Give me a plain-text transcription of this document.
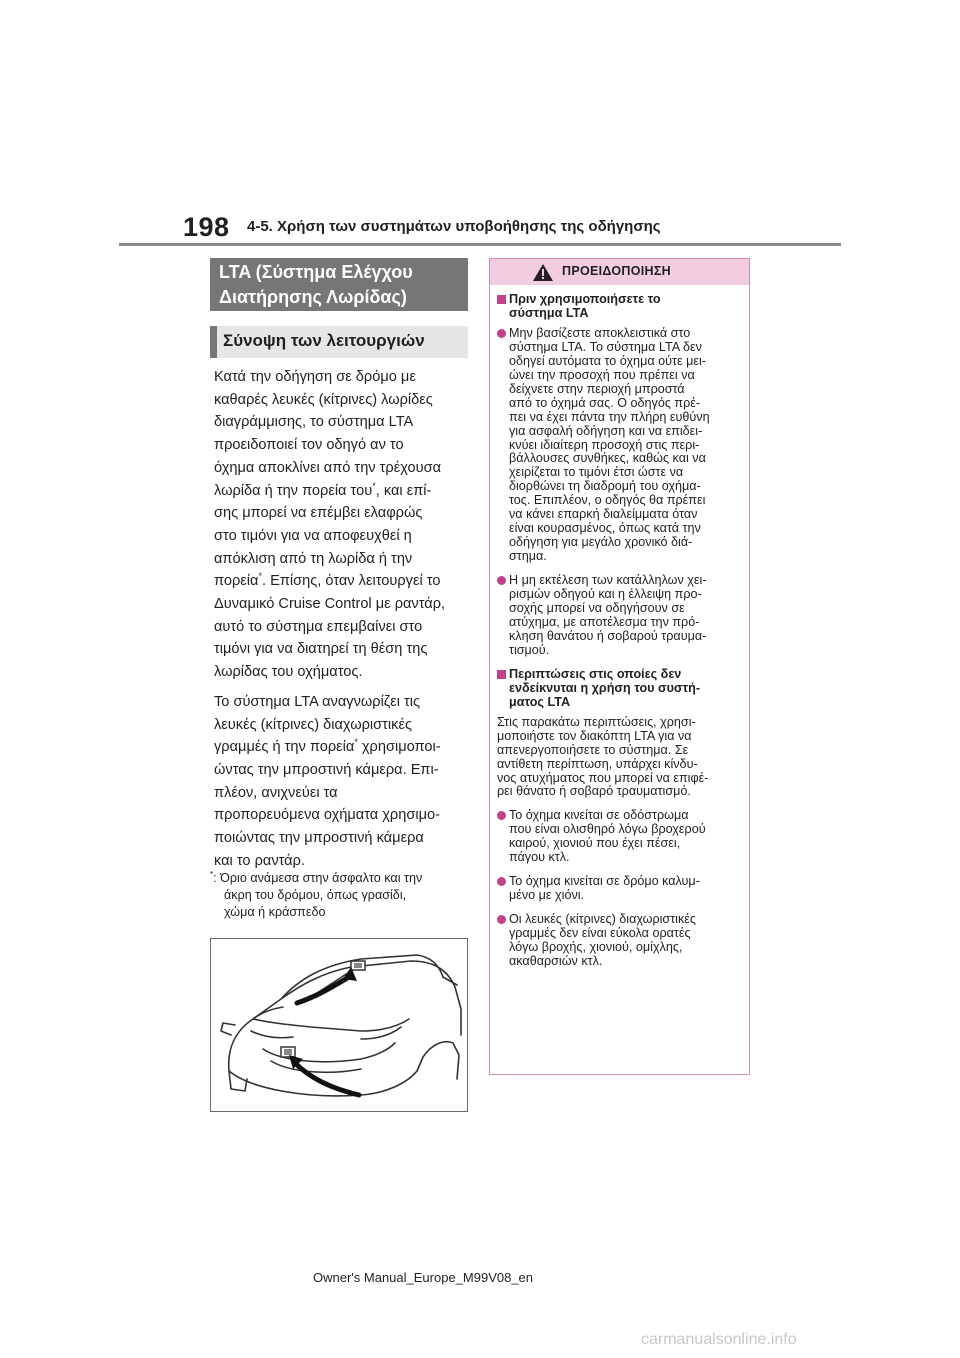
198 4-5. Χρήση των συστημάτων υποβοήθησης της οδήγησης
LTA (Σύστημα Ελέγχου
Διατήρησης Λωρίδας)
Σύνοψη των λειτουργιών

Κατά την οδήγηση σε δρόμο με
καθαρές λευκές (κίτρινες) λωρίδες
διαγράμμισης, το σύστημα LTA
προειδοποιεί τον οδηγό αν το
όχημα αποκλίνει από την τρέχουσα
λωρίδα ή την πορεία του*, και επί-
σης μπορεί να επέμβει ελαφρώς
στο τιμόνι για να αποφευχθεί η
απόκλιση από τη λωρίδα ή την
πορεία*. Επίσης, όταν λειτουργεί το
Δυναμικό Cruise Control με ραντάρ,
αυτό το σύστημα επεμβαίνει στο
τιμόνι για να διατηρεί τη θέση της
λωρίδας του οχήματος.

Το σύστημα LTA αναγνωρίζει τις
λευκές (κίτρινες) διαχωριστικές
γραμμές ή την πορεία* χρησιμοποι-
ώντας την μπροστινή κάμερα. Επι-
πλέον, ανιχνεύει τα
προπορευόμενα οχήματα χρησιμο-
ποιώντας την μπροστινή κάμερα
και το ραντάρ.

*: Όριο ανάμεσα στην άσφαλτο και την
άκρη του δρόμου, όπως γρασίδι,
χώμα ή κράσπεδο
ΠΡΟΕΙΔΟΠΟΙΗΣΗ
Πριν χρησιμοποιήσετε το
σύστημα LTA
Μην βασίζεστε αποκλειστικά στο
σύστημα LTA. Το σύστημα LTA δεν
οδηγεί αυτόματα το όχημα ούτε μει-
ώνει την προσοχή που πρέπει να
δείχνετε στην περιοχή μπροστά
από το όχημά σας. Ο οδηγός πρέ-
πει να έχει πάντα την πλήρη ευθύνη
για ασφαλή οδήγηση και να επιδει-
κνύει ιδιαίτερη προσοχή στις περι-
βάλλουσες συνθήκες, καθώς και να
χειρίζεται το τιμόνι έτσι ώστε να
διορθώνει τη διαδρομή του οχήμα-
τος. Επιπλέον, ο οδηγός θα πρέπει
να κάνει επαρκή διαλείμματα όταν
είναι κουρασμένος, όπως κατά την
οδήγηση για μεγάλο χρονικό διά-
στημα.
Η μη εκτέλεση των κατάλληλων χει-
ρισμών οδηγού και η έλλειψη προ-
σοχής μπορεί να οδηγήσουν σε
ατύχημα, με αποτέλεσμα την πρό-
κληση θανάτου ή σοβαρού τραυμα-
τισμού.
Περιπτώσεις στις οποίες δεν
ενδείκνυται η χρήση του συστή-
ματος LTA
Στις παρακάτω περιπτώσεις, χρησι-
μοποιήστε τον διακόπτη LTA για να
απενεργοποιήσετε το σύστημα. Σε
αντίθετη περίπτωση, υπάρχει κίνδυ-
νος ατυχήματος που μπορεί να επιφέ-
ρει θάνατο ή σοβαρό τραυματισμό.
Το όχημα κινείται σε οδόστρωμα
που είναι ολισθηρό λόγω βροχερού
καιρού, χιονιού που έχει πέσει,
πάγου κτλ.
Το όχημα κινείται σε δρόμο καλυμ-
μένο με χιόνι.
Οι λευκές (κίτρινες) διαχωριστικές
γραμμές δεν είναι εύκολα ορατές
λόγω βροχής, χιονιού, ομίχλης,
ακαθαρσιών κτλ.
Owner's Manual_Europe_M99V08_en
carmanualsonline.info
